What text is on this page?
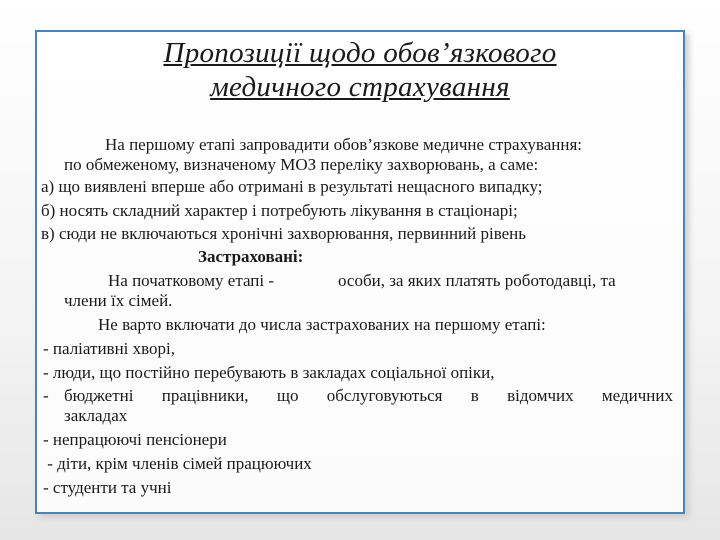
Пропозиції щодо обов’язкового
медичного страхування
На першому етапі запровадити обов’язкове медичне страхування:
по обмеженому, визначеному МОЗ переліку захворювань, а саме:
а) що виявлені вперше або отримані в результаті нещасного випадку;
б) носять складний характер і потребують лікування в стаціонарі;
в) сюди не включаються хронічні захворювання, первинний рівень
Застраховані:
На початковому етапі -	особи, за яких платять роботодавці, та
члени їх сімей.
Не варто включати до числа застрахованих на першому етапі:
- паліативні хворі,
- люди, що постійно перебувають в закладах соціальної опіки,
- бюджетні працівники, що обслуговуються в відомчих медичних
закладах
- непрацюючі пенсіонери
- діти, крім членів сімей працюючих
- студенти та учні
